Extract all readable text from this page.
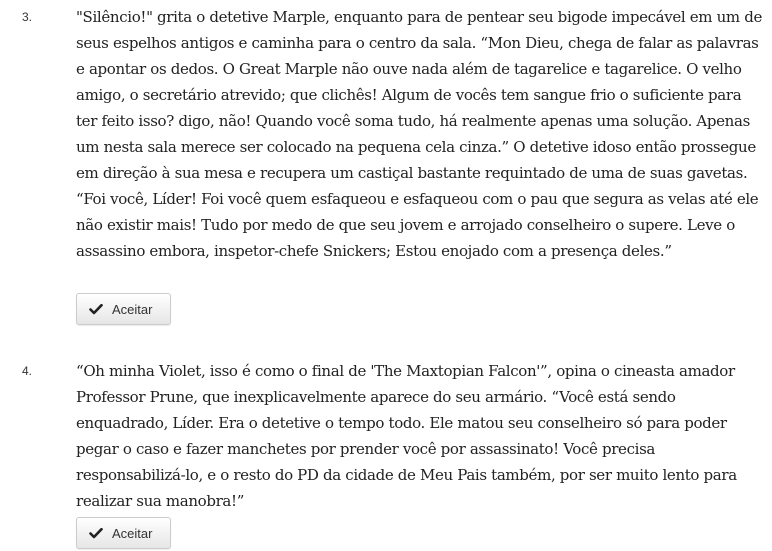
3.	"Silêncio!" grita o detetive Marple, enquanto para de pentear seu bigode impecável em um de seus espelhos antigos e caminha para o centro da sala. “Mon Dieu, chega de falar as palavras e apontar os dedos. O Great Marple não ouve nada além de tagarelice e tagarelice. O velho amigo, o secretário atrevido; que clichês! Algum de vocês tem sangue frio o suficiente para ter feito isso? digo, não! Quando você soma tudo, há realmente apenas uma solução. Apenas um nesta sala merece ser colocado na pequena cela cinza.” O detetive idoso então prossegue em direção à sua mesa e recupera um castiçal bastante requintado de uma de suas gavetas. “Foi você, Líder! Foi você quem esfaqueou e esfaqueou com o pau que segura as velas até ele não existir mais! Tudo por medo de que seu jovem e arrojado conselheiro o supere. Leve o assassino embora, inspetor-chefe Snickers; Estou enojado com a presença deles.”

Aceitar
4.	“Oh minha Violet, isso é como o final de 'The Maxtopian Falcon'”, opina o cineasta amador Professor Prune, que inexplicavelmente aparece do seu armário. “Você está sendo enquadrado, Líder. Era o detetive o tempo todo. Ele matou seu conselheiro só para poder pegar o caso e fazer manchetes por prender você por assassinato! Você precisa responsabilizá-lo, e o resto do PD da cidade de Meu Pais também, por ser muito lento para realizar sua manobra!”

Aceitar
